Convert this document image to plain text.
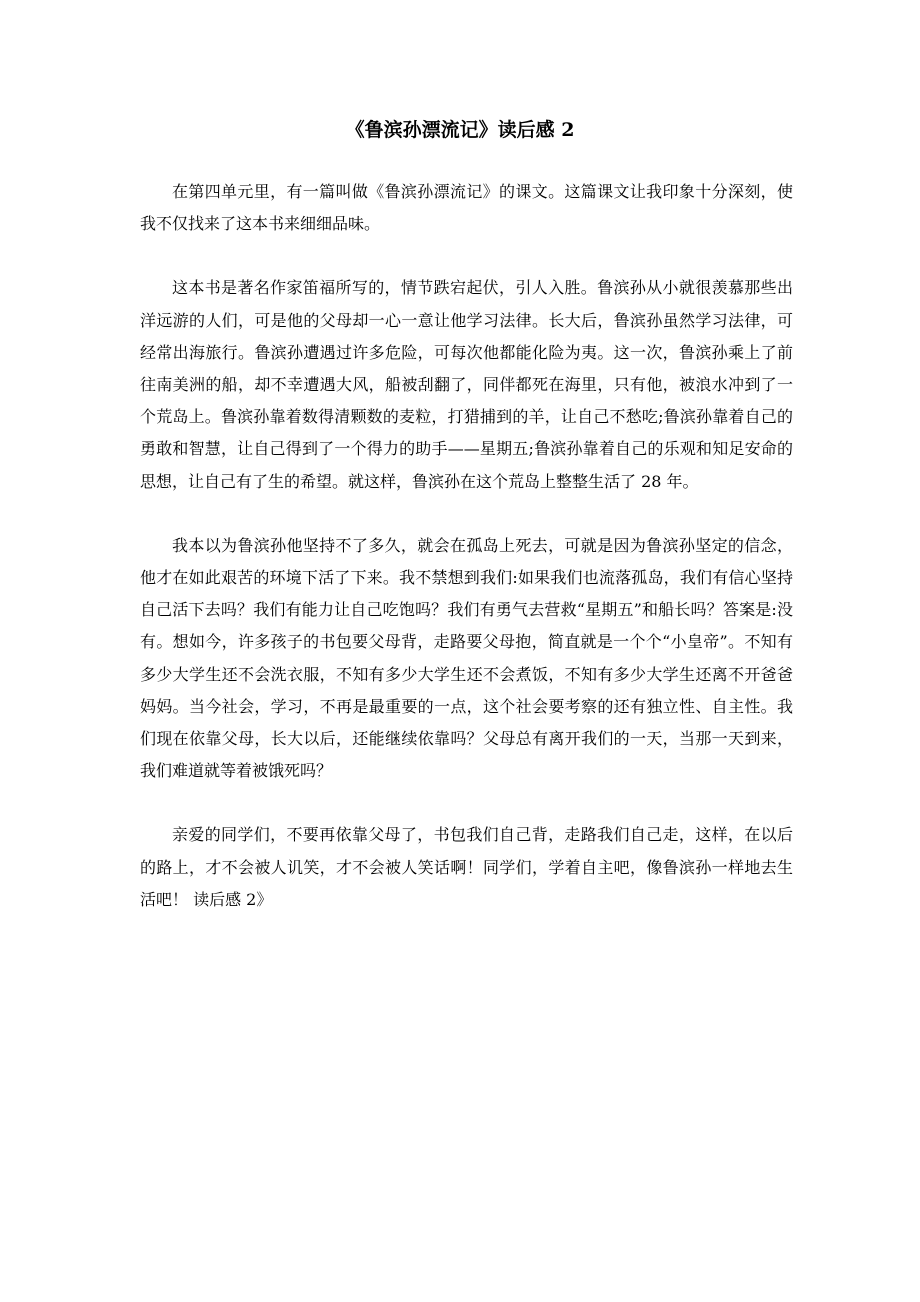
《鲁滨孙漂流记》读后感 2

在第四单元里，有一篇叫做《鲁滨孙漂流记》的课文。这篇课文让我印象十分深刻，使我不仅找来了这本书来细细品味。

这本书是著名作家笛福所写的，情节跌宕起伏，引人入胜。鲁滨孙从小就很羡慕那些出洋远游的人们，可是他的父母却一心一意让他学习法律。长大后，鲁滨孙虽然学习法律，可经常出海旅行。鲁滨孙遭遇过许多危险，可每次他都能化险为夷。这一次，鲁滨孙乘上了前往南美洲的船，却不幸遭遇大风，船被刮翻了，同伴都死在海里，只有他，被浪水冲到了一个荒岛上。鲁滨孙靠着数得清颗数的麦粒，打猎捕到的羊，让自己不愁吃;鲁滨孙靠着自己的勇敢和智慧，让自己得到了一个得力的助手——星期五;鲁滨孙靠着自己的乐观和知足安命的思想，让自己有了生的希望。就这样，鲁滨孙在这个荒岛上整整生活了 28 年。

我本以为鲁滨孙他坚持不了多久，就会在孤岛上死去，可就是因为鲁滨孙坚定的信念，他才在如此艰苦的环境下活了下来。我不禁想到我们:如果我们也流落孤岛，我们有信心坚持自己活下去吗？我们有能力让自己吃饱吗？我们有勇气去营救“星期五”和船长吗？答案是:没有。想如今，许多孩子的书包要父母背，走路要父母抱，简直就是一个个“小皇帝”。不知有多少大学生还不会洗衣服，不知有多少大学生还不会煮饭，不知有多少大学生还离不开爸爸妈妈。当今社会，学习，不再是最重要的一点，这个社会要考察的还有独立性、自主性。我们现在依靠父母，长大以后，还能继续依靠吗？父母总有离开我们的一天，当那一天到来，我们难道就等着被饿死吗？

亲爱的同学们，不要再依靠父母了，书包我们自己背，走路我们自己走，这样，在以后的路上，才不会被人讥笑，才不会被人笑话啊！同学们，学着自主吧，像鲁滨孙一样地去生活吧！ 读后感 2》
